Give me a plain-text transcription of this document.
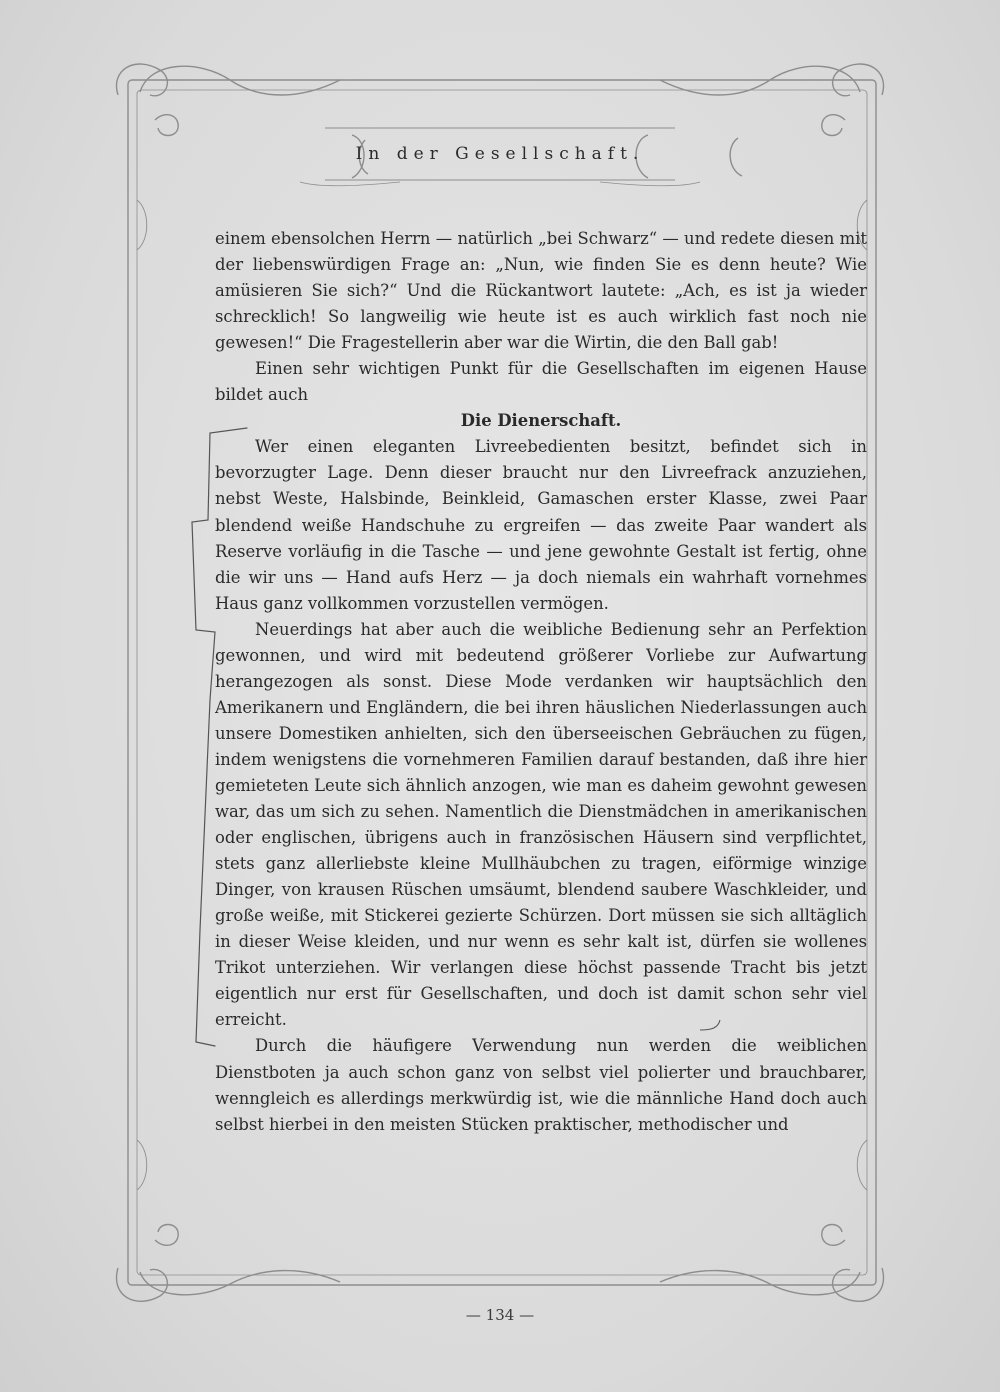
In der Gesellschaft.

einem ebensolchen Herrn — natürlich „bei Schwarz“ — und redete diesen mit der liebenswürdigen Frage an: „Nun, wie finden Sie es denn heute? Wie amüsieren Sie sich?“ Und die Rückantwort lautete: „Ach, es ist ja wieder schrecklich! So langweilig wie heute ist es auch wirklich fast noch nie gewesen!“ Die Fragestellerin aber war die Wirtin, die den Ball gab!

Einen sehr wichtigen Punkt für die Gesellschaften im eigenen Hause bildet auch

Die Dienerschaft.

Wer einen eleganten Livreebedienten besitzt, befindet sich in bevorzugter Lage. Denn dieser braucht nur den Livreefrack anzuziehen, nebst Weste, Halsbinde, Beinkleid, Gamaschen erster Klasse, zwei Paar blendend weiße Handschuhe zu ergreifen — das zweite Paar wandert als Reserve vorläufig in die Tasche — und jene gewohnte Gestalt ist fertig, ohne die wir uns — Hand aufs Herz — ja doch niemals ein wahrhaft vornehmes Haus ganz vollkommen vorzustellen vermögen.

Neuerdings hat aber auch die weibliche Bedienung sehr an Perfektion gewonnen, und wird mit bedeutend größerer Vorliebe zur Aufwartung herangezogen als sonst. Diese Mode verdanken wir hauptsächlich den Amerikanern und Engländern, die bei ihren häuslichen Niederlassungen auch unsere Domestiken anhielten, sich den überseeischen Gebräuchen zu fügen, indem wenigstens die vornehmeren Familien darauf bestanden, daß ihre hier gemieteten Leute sich ähnlich anzogen, wie man es daheim gewohnt gewesen war, das um sich zu sehen. Namentlich die Dienstmädchen in amerikanischen oder englischen, übrigens auch in französischen Häusern sind verpflichtet, stets ganz allerliebste kleine Mullhäubchen zu tragen, eiförmige winzige Dinger, von krausen Rüschen umsäumt, blendend saubere Waschkleider, und große weiße, mit Stickerei gezierte Schürzen. Dort müssen sie sich alltäglich in dieser Weise kleiden, und nur wenn es sehr kalt ist, dürfen sie wollenes Trikot unterziehen. Wir verlangen diese höchst passende Tracht bis jetzt eigentlich nur erst für Gesellschaften, und doch ist damit schon sehr viel erreicht.

Durch die häufigere Verwendung nun werden die weiblichen Dienstboten ja auch schon ganz von selbst viel polierter und brauchbarer, wenngleich es allerdings merkwürdig ist, wie die männliche Hand doch auch selbst hierbei in den meisten Stücken praktischer, methodischer und

— 134 —
